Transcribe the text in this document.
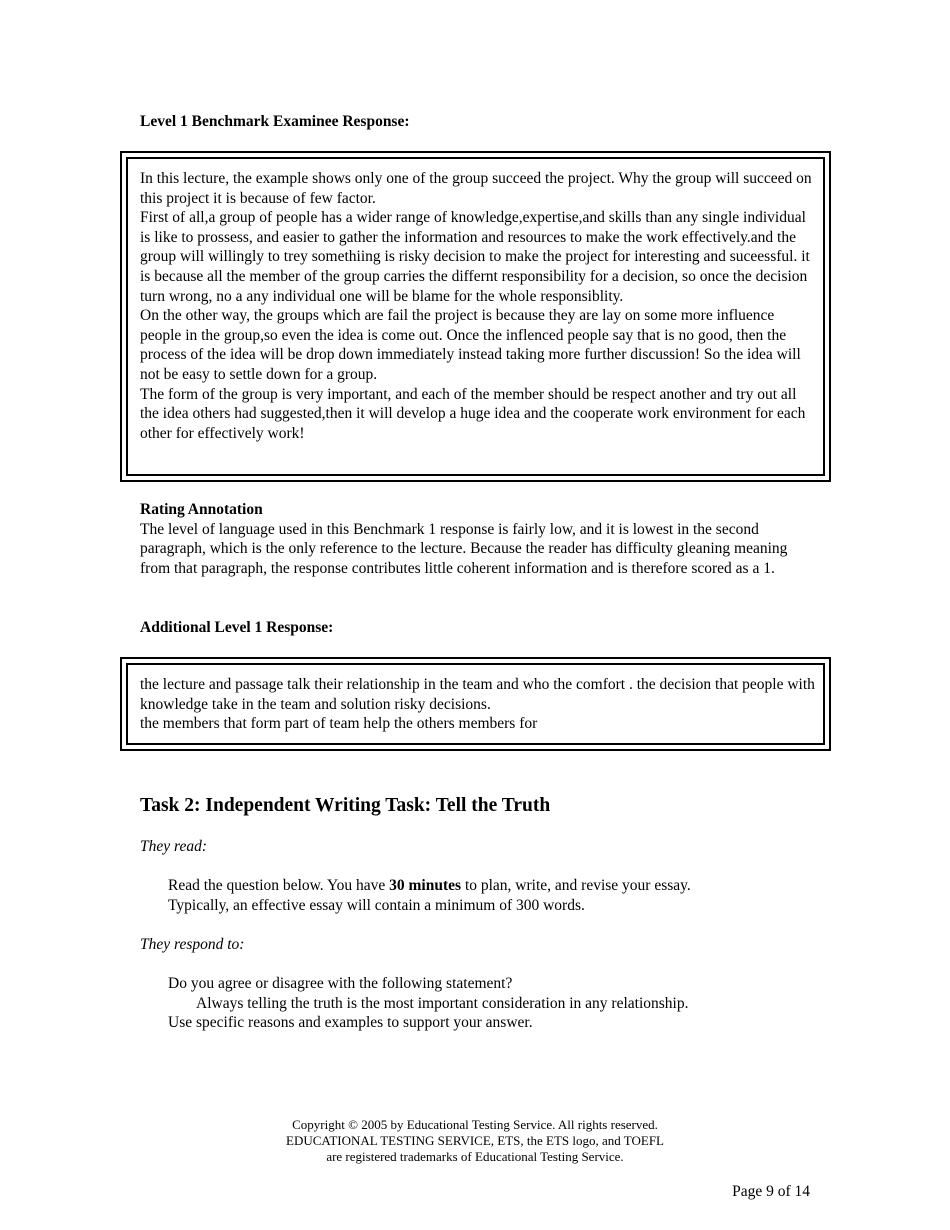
Level 1 Benchmark Examinee Response:

In this lecture, the example shows only one of the group succeed the project. Why the group will succeed on this project it is because of few factor.

First of all,a group of people has a wider range of knowledge,expertise,and skills than any single individual is like to prossess, and easier to gather the information and resources to make the work effectively.and the group will willingly to trey somethiing is risky decision to make the project for interesting and suceessful. it is because all the member of the group carries the differnt responsibility for a decision, so once the decision turn wrong, no a any individual one will be blame for the whole responsiblity.

On the other way, the groups which are fail the project is because they are lay on some more influence people in the group,so even the idea is come out. Once the inflenced people say that is no good, then the process of the idea will be drop down immediately instead taking more further discussion! So the idea will not be easy to settle down for a group.

The form of the group is very important, and each of the member should be respect another and try out all the idea others had suggested,then it will develop a huge idea and the cooperate work environment for each other for effectively work!

Rating Annotation

The level of language used in this Benchmark 1 response is fairly low, and it is lowest in the second paragraph, which is the only reference to the lecture. Because the reader has difficulty gleaning meaning from that paragraph, the response contributes little coherent information and is therefore scored as a 1.

Additional Level 1 Response:

the lecture and passage talk their relationship in the team and who the comfort . the decision that people with knowledge take in the team and solution risky decisions.

the members that form part of team help the others members for

Task 2: Independent Writing Task: Tell the Truth
They read:
Read the question below. You have 30 minutes to plan, write, and revise your essay.
Typically, an effective essay will contain a minimum of 300 words.
They respond to:
Do you agree or disagree with the following statement?
Always telling the truth is the most important consideration in any relationship.
Use specific reasons and examples to support your answer.
Copyright © 2005 by Educational Testing Service. All rights reserved.
EDUCATIONAL TESTING SERVICE, ETS, the ETS logo, and TOEFL
are registered trademarks of Educational Testing Service.
Page 9 of 14
